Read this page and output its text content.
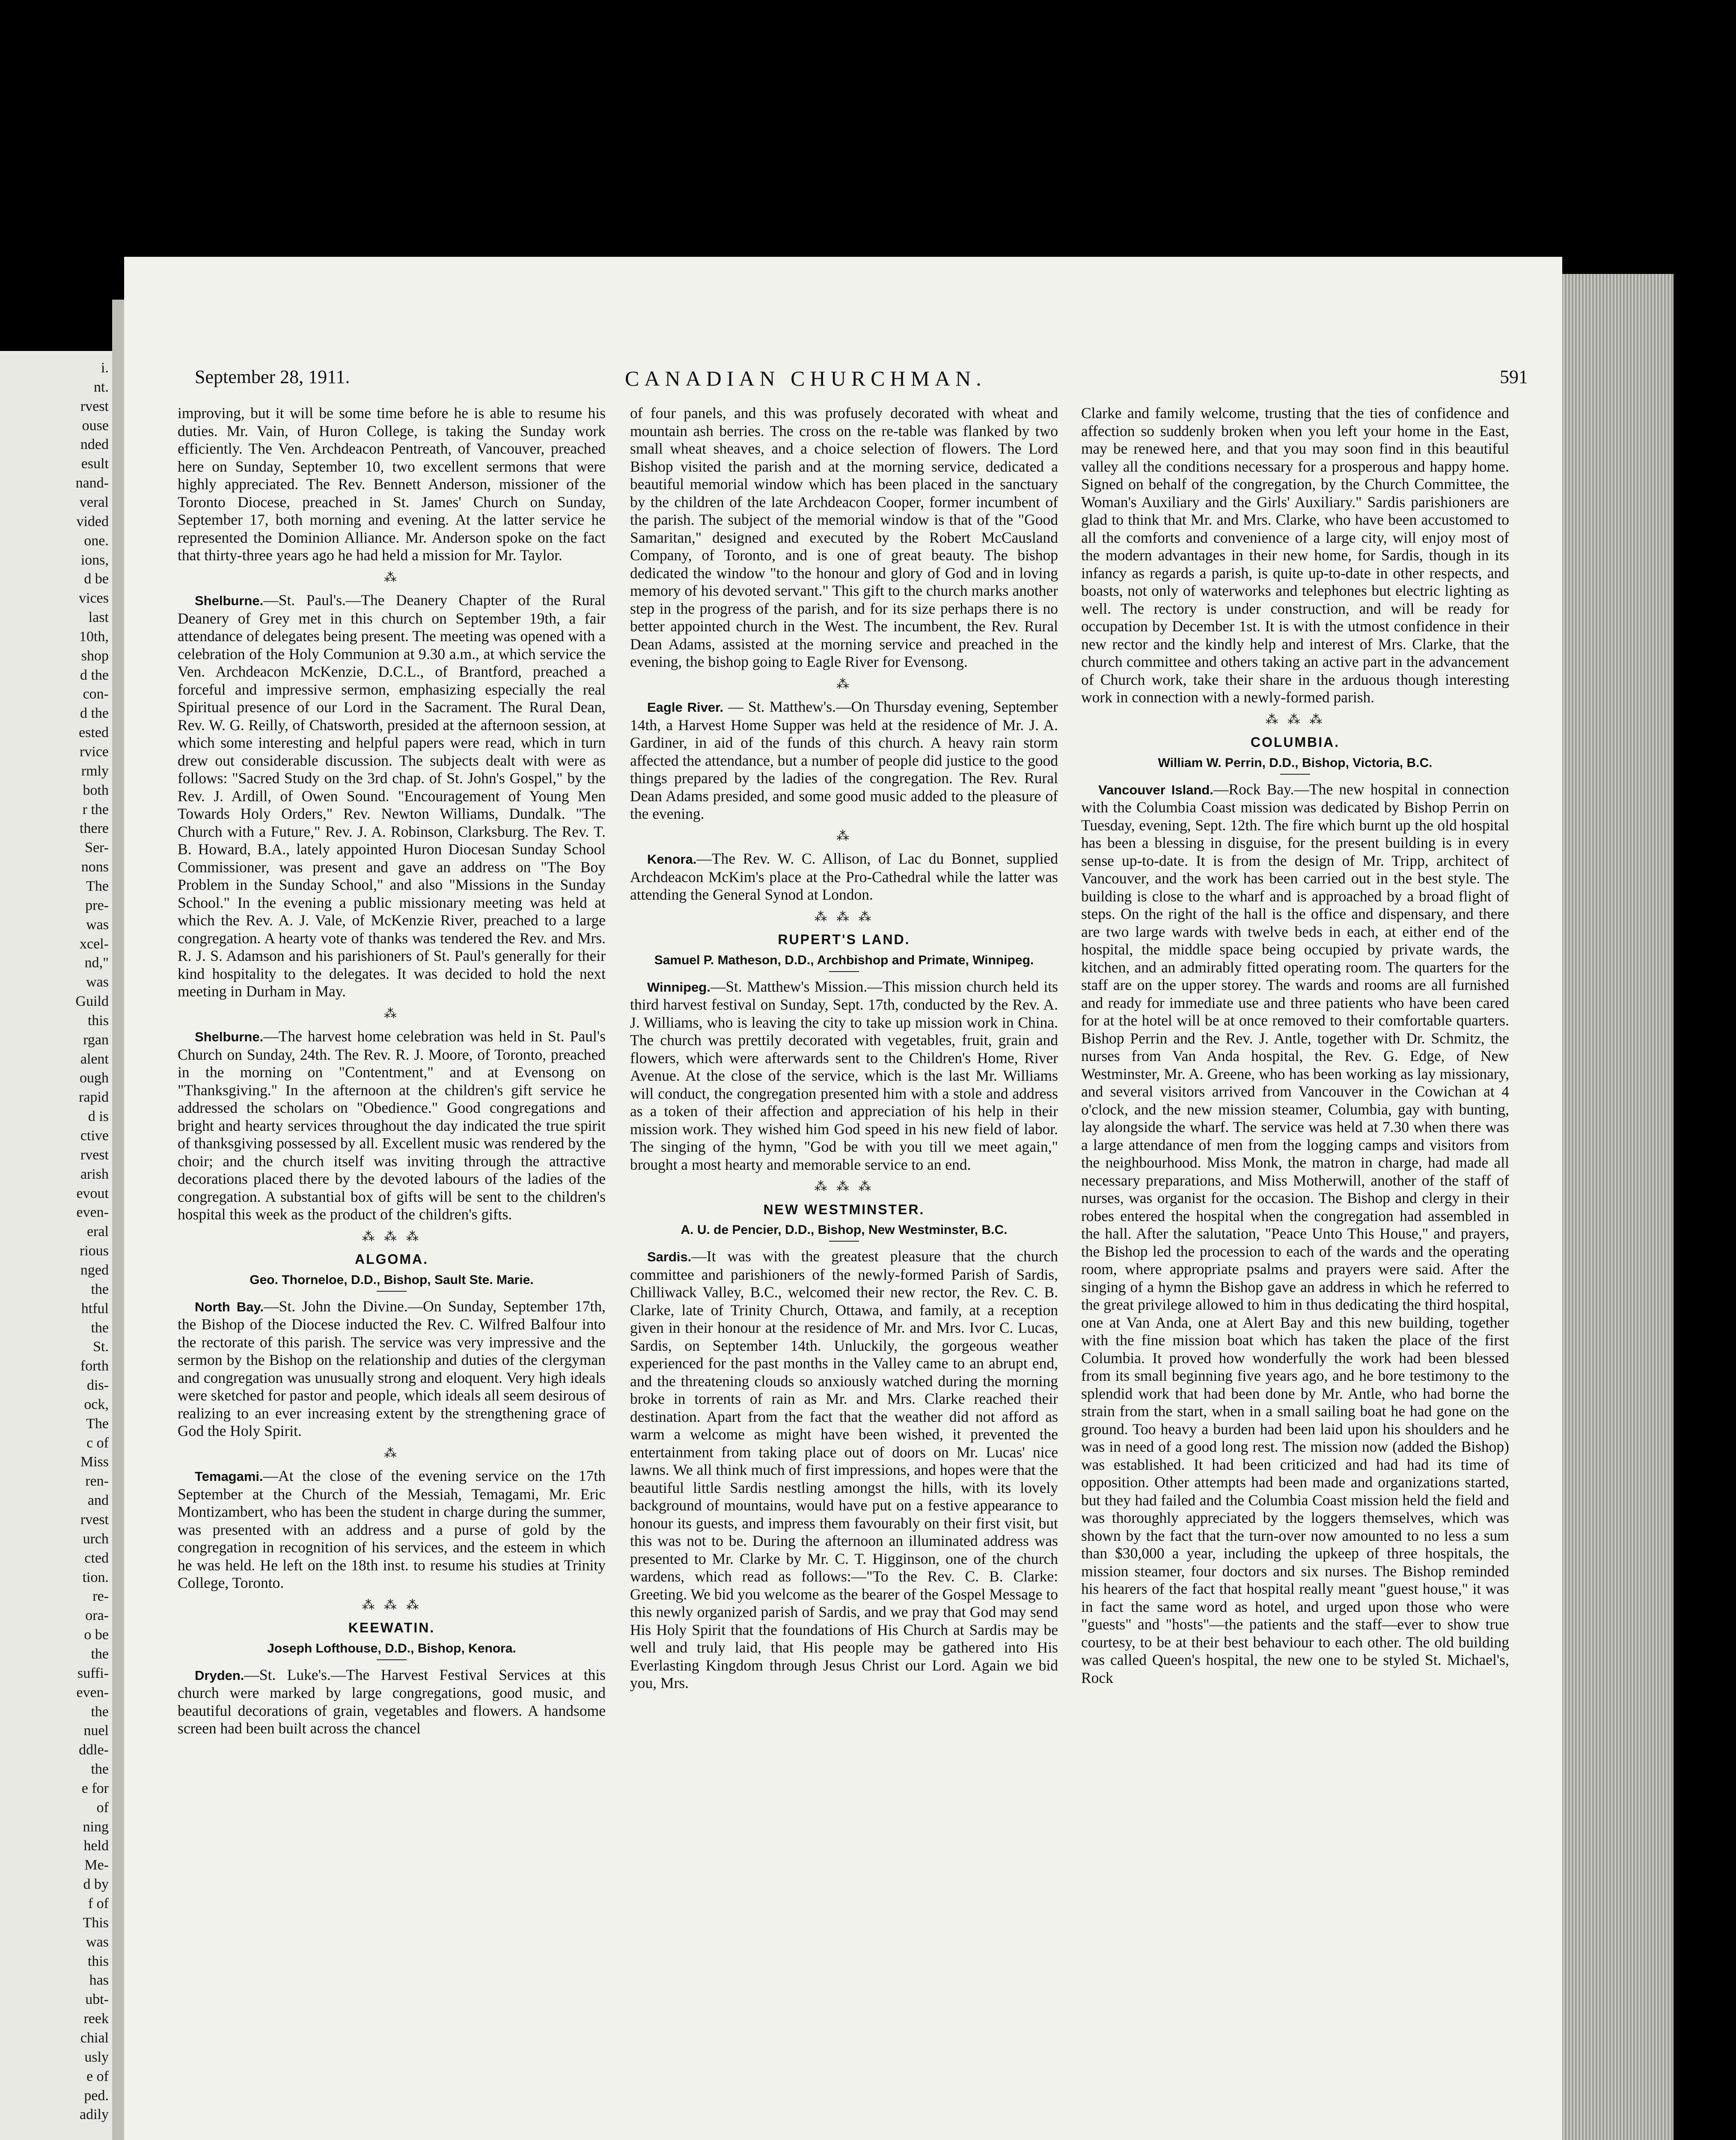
i.
nt.
rvest
ouse
nded
esult
nand-
veral
vided
one.
ions,
d be
vices
last
10th,
shop
d the
con-
d the
ested
rvice
rmly
both
r the
there
Ser-
nons
The
pre-
was
xcel-
nd,"
was
Guild
this
rgan
alent
ough
rapid
d is
ctive
rvest
arish
evout
even-
eral
rious
nged
the
htful
the
St.
forth
dis-
ock,
The
c of
Miss
ren-
and
rvest
urch
cted
tion.
re-
ora-
o be
the
suffi-
even-
the
nuel
ddle-
the
e for
of
ning
held
Me-
d by
f of
This
was
this
has
ubt-
reek
chial
usly
e of
ped.
adily
September 28, 1911.	CANADIAN CHURCHMAN.	591

improving, but it will be some time before he is able to resume his duties. Mr. Vain, of Huron College, is taking the Sunday work efficiently. The Ven. Archdeacon Pentreath, of Vancouver, preached here on Sunday, September 10, two excellent sermons that were highly appreciated. The Rev. Bennett Anderson, missioner of the Toronto Diocese, preached in St. James' Church on Sunday, September 17, both morning and evening. At the latter service he represented the Dominion Alliance. Mr. Anderson spoke on the fact that thirty-three years ago he had held a mission for Mr. Taylor.

⁂

Shelburne.—St. Paul's.—The Deanery Chapter of the Rural Deanery of Grey met in this church on September 19th, a fair attendance of delegates being present. The meeting was opened with a celebration of the Holy Communion at 9.30 a.m., at which service the Ven. Archdeacon McKenzie, D.C.L., of Brantford, preached a forceful and impressive sermon, emphasizing especially the real Spiritual presence of our Lord in the Sacrament. The Rural Dean, Rev. W. G. Reilly, of Chatsworth, presided at the afternoon session, at which some interesting and helpful papers were read, which in turn drew out considerable discussion. The subjects dealt with were as follows: "Sacred Study on the 3rd chap. of St. John's Gospel," by the Rev. J. Ardill, of Owen Sound. "Encouragement of Young Men Towards Holy Orders," Rev. Newton Williams, Dundalk. "The Church with a Future," Rev. J. A. Robinson, Clarksburg. The Rev. T. B. Howard, B.A., lately appointed Huron Diocesan Sunday School Commissioner, was present and gave an address on "The Boy Problem in the Sunday School," and also "Missions in the Sunday School." In the evening a public missionary meeting was held at which the Rev. A. J. Vale, of McKenzie River, preached to a large congregation. A hearty vote of thanks was tendered the Rev. and Mrs. R. J. S. Adamson and his parishioners of St. Paul's generally for their kind hospitality to the delegates. It was decided to hold the next meeting in Durham in May.

⁂

Shelburne.—The harvest home celebration was held in St. Paul's Church on Sunday, 24th. The Rev. R. J. Moore, of Toronto, preached in the morning on "Contentment," and at Evensong on "Thanksgiving." In the afternoon at the children's gift service he addressed the scholars on "Obedience." Good congregations and bright and hearty services throughout the day indicated the true spirit of thanksgiving possessed by all. Excellent music was rendered by the choir; and the church itself was inviting through the attractive decorations placed there by the devoted labours of the ladies of the congregation. A substantial box of gifts will be sent to the children's hospital this week as the product of the children's gifts.

⁂ ⁂ ⁂
ALGOMA.
Geo. Thorneloe, D.D., Bishop, Sault Ste. Marie.

North Bay.—St. John the Divine.—On Sunday, September 17th, the Bishop of the Diocese inducted the Rev. C. Wilfred Balfour into the rectorate of this parish. The service was very impressive and the sermon by the Bishop on the relationship and duties of the clergyman and congregation was unusually strong and eloquent. Very high ideals were sketched for pastor and people, which ideals all seem desirous of realizing to an ever increasing extent by the strengthening grace of God the Holy Spirit.

⁂

Temagami.—At the close of the evening service on the 17th September at the Church of the Messiah, Temagami, Mr. Eric Montizambert, who has been the student in charge during the summer, was presented with an address and a purse of gold by the congregation in recognition of his services, and the esteem in which he was held. He left on the 18th inst. to resume his studies at Trinity College, Toronto.

⁂ ⁂ ⁂
KEEWATIN.
Joseph Lofthouse, D.D., Bishop, Kenora.

Dryden.—St. Luke's.—The Harvest Festival Services at this church were marked by large congregations, good music, and beautiful decorations of grain, vegetables and flowers. A handsome screen had been built across the chancel

of four panels, and this was profusely decorated with wheat and mountain ash berries. The cross on the re-table was flanked by two small wheat sheaves, and a choice selection of flowers. The Lord Bishop visited the parish and at the morning service, dedicated a beautiful memorial window which has been placed in the sanctuary by the children of the late Archdeacon Cooper, former incumbent of the parish. The subject of the memorial window is that of the "Good Samaritan," designed and executed by the Robert McCausland Company, of Toronto, and is one of great beauty. The bishop dedicated the window "to the honour and glory of God and in loving memory of his devoted servant." This gift to the church marks another step in the progress of the parish, and for its size perhaps there is no better appointed church in the West. The incumbent, the Rev. Rural Dean Adams, assisted at the morning service and preached in the evening, the bishop going to Eagle River for Evensong.

⁂

Eagle River. — St. Matthew's.—On Thursday evening, September 14th, a Harvest Home Supper was held at the residence of Mr. J. A. Gardiner, in aid of the funds of this church. A heavy rain storm affected the attendance, but a number of people did justice to the good things prepared by the ladies of the congregation. The Rev. Rural Dean Adams presided, and some good music added to the pleasure of the evening.

⁂

Kenora.—The Rev. W. C. Allison, of Lac du Bonnet, supplied Archdeacon McKim's place at the Pro-Cathedral while the latter was attending the General Synod at London.

⁂ ⁂ ⁂
RUPERT'S LAND.
Samuel P. Matheson, D.D., Archbishop and Primate, Winnipeg.

Winnipeg.—St. Matthew's Mission.—This mission church held its third harvest festival on Sunday, Sept. 17th, conducted by the Rev. A. J. Williams, who is leaving the city to take up mission work in China. The church was prettily decorated with vegetables, fruit, grain and flowers, which were afterwards sent to the Children's Home, River Avenue. At the close of the service, which is the last Mr. Williams will conduct, the congregation presented him with a stole and address as a token of their affection and appreciation of his help in their mission work. They wished him God speed in his new field of labor. The singing of the hymn, "God be with you till we meet again," brought a most hearty and memorable service to an end.

⁂ ⁂ ⁂
NEW WESTMINSTER.
A. U. de Pencier, D.D., Bishop, New Westminster, B.C.

Sardis.—It was with the greatest pleasure that the church committee and parishioners of the newly-formed Parish of Sardis, Chilliwack Valley, B.C., welcomed their new rector, the Rev. C. B. Clarke, late of Trinity Church, Ottawa, and family, at a reception given in their honour at the residence of Mr. and Mrs. Ivor C. Lucas, Sardis, on September 14th. Unluckily, the gorgeous weather experienced for the past months in the Valley came to an abrupt end, and the threatening clouds so anxiously watched during the morning broke in torrents of rain as Mr. and Mrs. Clarke reached their destination. Apart from the fact that the weather did not afford as warm a welcome as might have been wished, it prevented the entertainment from taking place out of doors on Mr. Lucas' nice lawns. We all think much of first impressions, and hopes were that the beautiful little Sardis nestling amongst the hills, with its lovely background of mountains, would have put on a festive appearance to honour its guests, and impress them favourably on their first visit, but this was not to be. During the afternoon an illuminated address was presented to Mr. Clarke by Mr. C. T. Higginson, one of the church wardens, which read as follows:—"To the Rev. C. B. Clarke: Greeting. We bid you welcome as the bearer of the Gospel Message to this newly organized parish of Sardis, and we pray that God may send His Holy Spirit that the foundations of His Church at Sardis may be well and truly laid, that His people may be gathered into His Everlasting Kingdom through Jesus Christ our Lord. Again we bid you, Mrs.

Clarke and family welcome, trusting that the ties of confidence and affection so suddenly broken when you left your home in the East, may be renewed here, and that you may soon find in this beautiful valley all the conditions necessary for a prosperous and happy home. Signed on behalf of the congregation, by the Church Committee, the Woman's Auxiliary and the Girls' Auxiliary." Sardis parishioners are glad to think that Mr. and Mrs. Clarke, who have been accustomed to all the comforts and convenience of a large city, will enjoy most of the modern advantages in their new home, for Sardis, though in its infancy as regards a parish, is quite up-to-date in other respects, and boasts, not only of waterworks and telephones but electric lighting as well. The rectory is under construction, and will be ready for occupation by December 1st. It is with the utmost confidence in their new rector and the kindly help and interest of Mrs. Clarke, that the church committee and others taking an active part in the advancement of Church work, take their share in the arduous though interesting work in connection with a newly-formed parish.

⁂ ⁂ ⁂
COLUMBIA.
William W. Perrin, D.D., Bishop, Victoria, B.C.

Vancouver Island.—Rock Bay.—The new hospital in connection with the Columbia Coast mission was dedicated by Bishop Perrin on Tuesday, evening, Sept. 12th. The fire which burnt up the old hospital has been a blessing in disguise, for the present building is in every sense up-to-date. It is from the design of Mr. Tripp, architect of Vancouver, and the work has been carried out in the best style. The building is close to the wharf and is approached by a broad flight of steps. On the right of the hall is the office and dispensary, and there are two large wards with twelve beds in each, at either end of the hospital, the middle space being occupied by private wards, the kitchen, and an admirably fitted operating room. The quarters for the staff are on the upper storey. The wards and rooms are all furnished and ready for immediate use and three patients who have been cared for at the hotel will be at once removed to their comfortable quarters. Bishop Perrin and the Rev. J. Antle, together with Dr. Schmitz, the nurses from Van Anda hospital, the Rev. G. Edge, of New Westminster, Mr. A. Greene, who has been working as lay missionary, and several visitors arrived from Vancouver in the Cowichan at 4 o'clock, and the new mission steamer, Columbia, gay with bunting, lay alongside the wharf. The service was held at 7.30 when there was a large attendance of men from the logging camps and visitors from the neighbourhood. Miss Monk, the matron in charge, had made all necessary preparations, and Miss Motherwill, another of the staff of nurses, was organist for the occasion. The Bishop and clergy in their robes entered the hospital when the congregation had assembled in the hall. After the salutation, "Peace Unto This House," and prayers, the Bishop led the procession to each of the wards and the operating room, where appropriate psalms and prayers were said. After the singing of a hymn the Bishop gave an address in which he referred to the great privilege allowed to him in thus dedicating the third hospital, one at Van Anda, one at Alert Bay and this new building, together with the fine mission boat which has taken the place of the first Columbia. It proved how wonderfully the work had been blessed from its small beginning five years ago, and he bore testimony to the splendid work that had been done by Mr. Antle, who had borne the strain from the start, when in a small sailing boat he had gone on the ground. Too heavy a burden had been laid upon his shoulders and he was in need of a good long rest. The mission now (added the Bishop) was established. It had been criticized and had had its time of opposition. Other attempts had been made and organizations started, but they had failed and the Columbia Coast mission held the field and was thoroughly appreciated by the loggers themselves, which was shown by the fact that the turn-over now amounted to no less a sum than $30,000 a year, including the upkeep of three hospitals, the mission steamer, four doctors and six nurses. The Bishop reminded his hearers of the fact that hospital really meant "guest house," it was in fact the same word as hotel, and urged upon those who were "guests" and "hosts"—the patients and the staff—ever to show true courtesy, to be at their best behaviour to each other. The old building was called Queen's hospital, the new one to be styled St. Michael's, Rock
